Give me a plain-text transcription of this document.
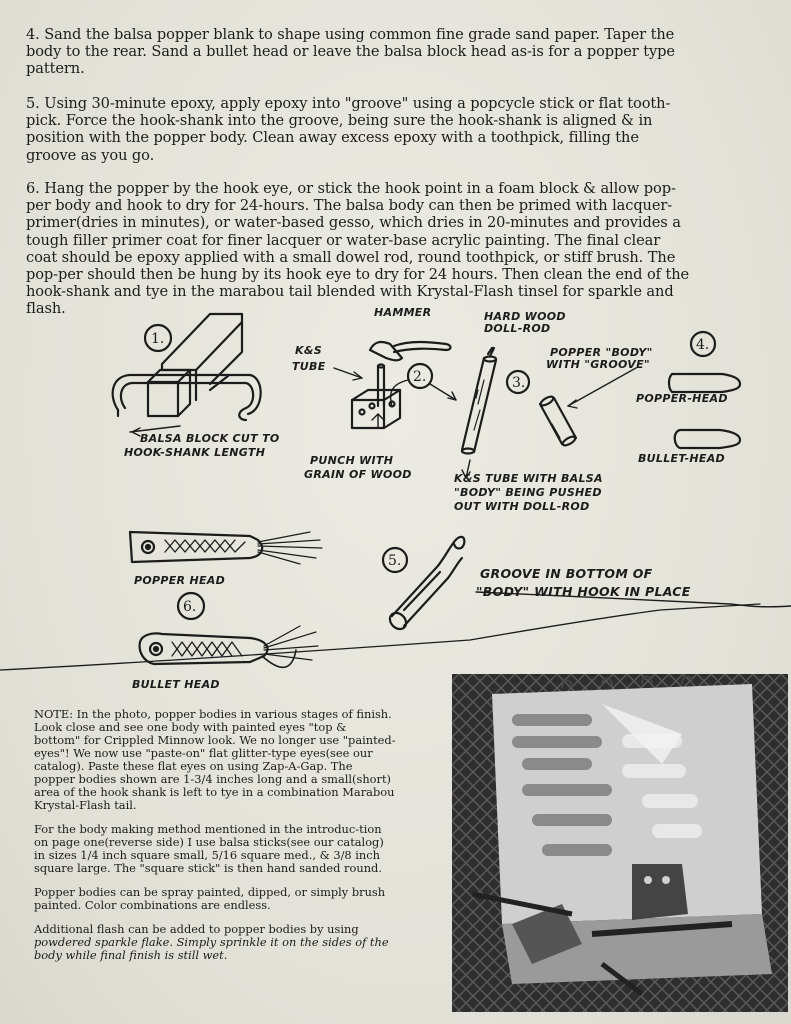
4. Sand the balsa popper blank to shape using common fine grade sand paper. Taper the body to the rear. Sand a bullet head or leave the balsa block head as-is for a popper type pattern.

5. Using 30-minute epoxy, apply epoxy into "groove" using a popcycle stick or flat tooth-pick. Force the hook-shank into the groove, being sure the hook-shank is aligned & in position with the popper body. Clean away excess epoxy with a toothpick, filling the groove as you go.

6. Hang the popper by the hook eye, or stick the hook point in a foam block & allow pop-per body and hook to dry for 24-hours. The balsa body can then be primed with lacquer-primer(dries in minutes), or water-based gesso, which dries in 20-minutes and provides a tough filler primer coat for finer lacquer or water-base acrylic painting. The final clear coat should be epoxy applied with a small dowel rod, round toothpick, or stiff brush. The pop-per should then be hung by its hook eye to dry for 24 hours. Then clean the end of the hook-shank and tye in the marabou tail blended with Krystal-Flash tinsel for sparkle and flash.

1.
2.	3.
4.
5.
6.
HAMMER	HARD WOOD
DOLL-ROD
K&S
TUBE
POPPER "BODY"
WITH "GROOVE"
POPPER-HEAD
BULLET-HEAD
BALSA BLOCK CUT TO
HOOK-SHANK LENGTH
PUNCH WITH
GRAIN OF WOOD	K&S TUBE WITH BALSA
"BODY" BEING PUSHED
OUT WITH DOLL-ROD
GROOVE IN BOTTOM OF
"BODY" WITH HOOK IN PLACE
POPPER HEAD
BULLET HEAD

NOTE: In the photo, popper bodies in various stages of finish. Look close and see one body with painted eyes "top & bottom" for Crippled Minnow look. We no longer use "painted-eyes"! We now use "paste-on" flat glitter-type eyes(see our catalog). Paste these flat eyes on using Zap-A-Gap. The popper bodies shown are 1-3/4 inches long and a small(short) area of the hook shank is left to tye in a combination Marabou Krystal-Flash tail.

For the body making method mentioned in the introduc-tion on page one(reverse side) I use balsa sticks(see our catalog) in sizes 1/4 inch square small, 5/16 square med., & 3/8 inch square large. The "square stick" is then hand sanded round.

Popper bodies can be spray painted, dipped, or simply brush painted. Color combinations are endless.

Additional flash can be added to popper bodies by using powdered sparkle flake. Simply sprinkle it on the sides of the body while final finish is still wet.
